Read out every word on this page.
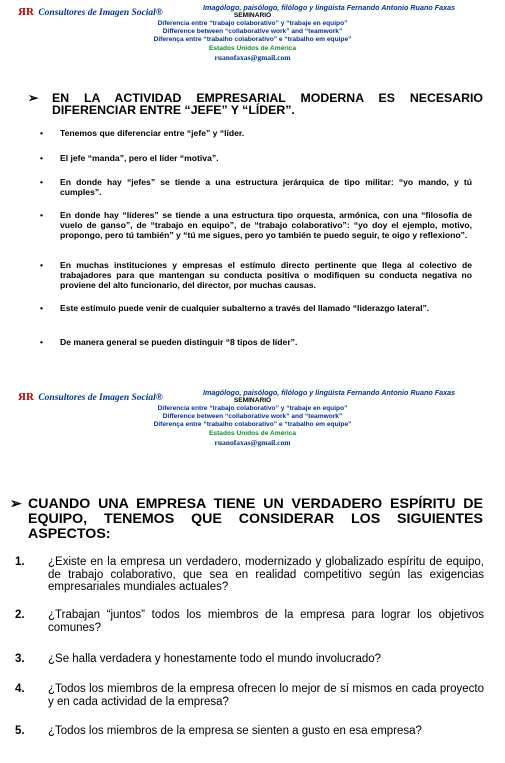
ЯR Consultores de Imagen Social®
Imagólogo, paisólogo, filólogo y lingüista Fernando Antonio Ruano Faxas
SEMINARIO
Diferencia entre “trabajo colaborativo” y “trabaje en equipo”
Difference between “collaborative work” and “teamwork”
Diferença entre “trabalho colaborativo” e “trabalho em equipe”
Estados Unidos de América
ruanofaxas@gmail.com
➢ EN LA ACTIVIDAD EMPRESARIAL MODERNA ES NECESARIO DIFERENCIAR ENTRE “JEFE” Y “LÍDER”.
• Tenemos que diferenciar entre “jefe” y “líder.
• El jefe “manda”, pero el líder “motiva”.
• En donde hay “jefes” se tiende a una estructura jerárquica de tipo militar: “yo mando, y tú cumples”.
• En donde hay “líderes” se tiende a una estructura tipo orquesta, armónica, con una “filosofía de vuelo de ganso”, de “trabajo en equipo”, de “trabajo colaborativo”: “yo doy el ejemplo, motivo, propongo, pero tú también” y “tú me sigues, pero yo también te puedo seguir, te oigo y reflexiono”.
• En muchas instituciones y empresas el estímulo directo pertinente que llega al colectivo de trabajadores para que mantengan su conducta positiva o modifiquen su conducta negativa no proviene del alto funcionario, del director, por muchas causas.
• Este estímulo puede venir de cualquier subalterno a través del llamado “liderazgo lateral”.
• De manera general se pueden distinguir “8 tipos de líder”.
ЯR Consultores de Imagen Social®
Imagólogo, paisólogo, filólogo y lingüista Fernando Antonio Ruano Faxas
SEMINARIO
Diferencia entre “trabajo colaborativo” y “trabaje en equipo”
Difference between “collaborative work” and “teamwork”
Diferença entre “trabalho colaborativo” e “trabalho em equipe”
Estados Unidos de América
ruanofaxas@gmail.com
➢ CUANDO UNA EMPRESA TIENE UN VERDADERO ESPÍRITU DE EQUIPO, TENEMOS QUE CONSIDERAR LOS SIGUIENTES ASPECTOS:
1. ¿Existe en la empresa un verdadero, modernizado y globalizado espíritu de equipo, de trabajo colaborativo, que sea en realidad competitivo según las exigencias empresariales mundiales actuales?
2. ¿Trabajan “juntos” todos los miembros de la empresa para lograr los objetivos comunes?
3. ¿Se halla verdadera y honestamente todo el mundo involucrado?
4. ¿Todos los miembros de la empresa ofrecen lo mejor de sí mismos en cada proyecto y en cada actividad de la empresa?
5. ¿Todos los miembros de la empresa se sienten a gusto en esa empresa?
